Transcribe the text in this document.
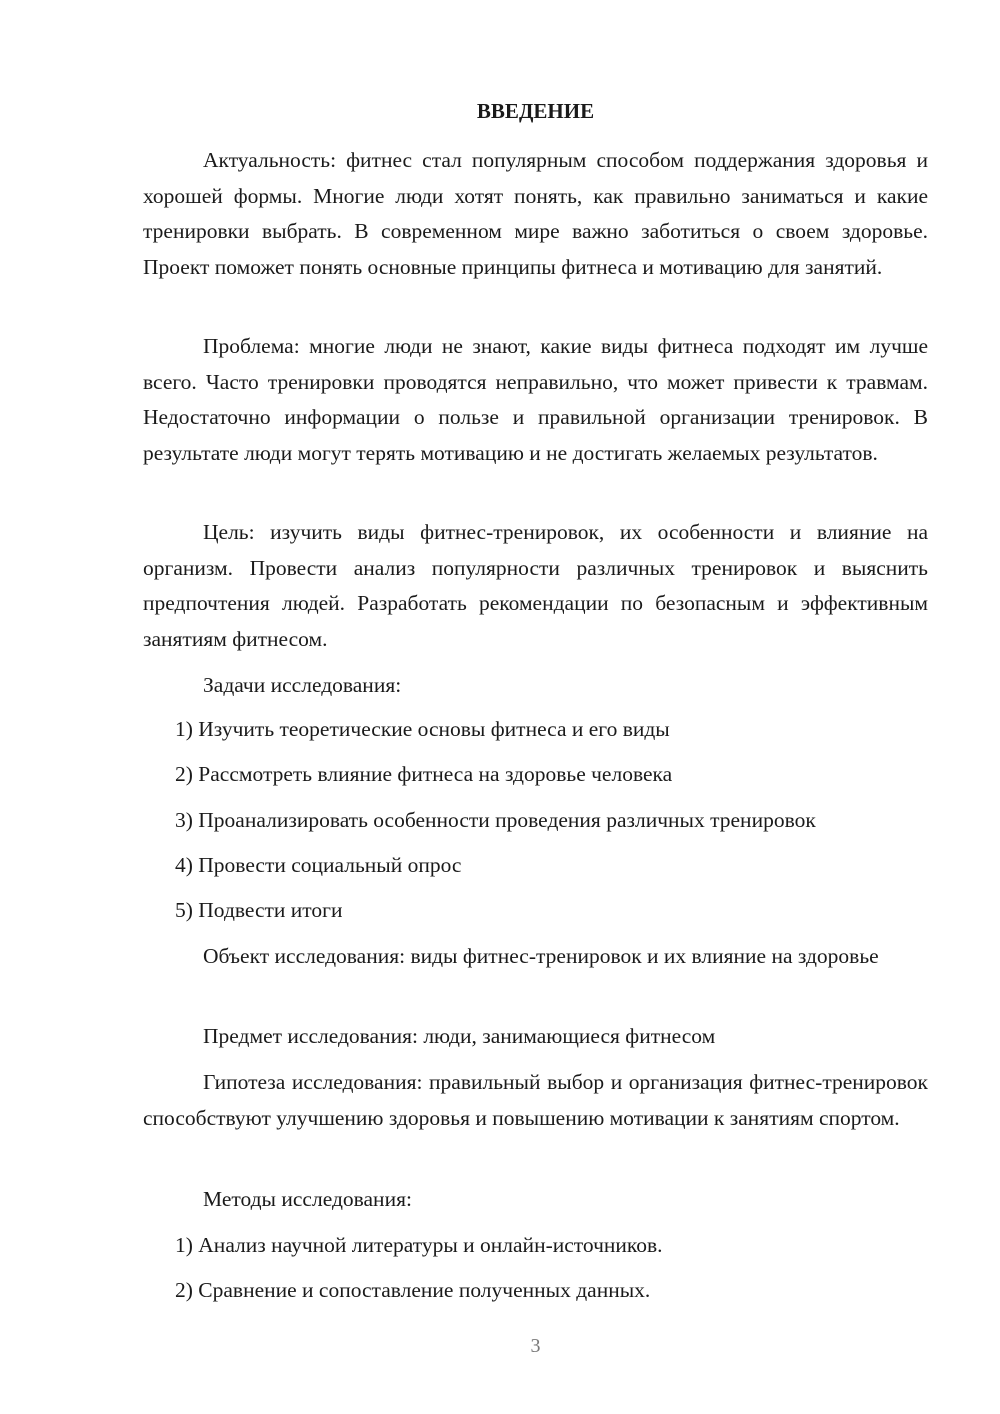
ВВЕДЕНИЕ
Актуальность: фитнес стал популярным способом поддержания здоровья и хорошей формы. Многие люди хотят понять, как правильно заниматься и какие тренировки выбрать. В современном мире важно заботиться о своем здоровье. Проект поможет понять основные принципы фитнеса и мотивацию для занятий.
Проблема: многие люди не знают, какие виды фитнеса подходят им лучше всего. Часто тренировки проводятся неправильно, что может привести к травмам. Недостаточно информации о пользе и правильной организации тренировок. В результате люди могут терять мотивацию и не достигать желаемых результатов.
Цель: изучить виды фитнес-тренировок, их особенности и влияние на организм. Провести анализ популярности различных тренировок и выяснить предпочтения людей. Разработать рекомендации по безопасным и эффективным занятиям фитнесом.
Задачи исследования:
1) Изучить теоретические основы фитнеса и его виды
2) Рассмотреть влияние фитнеса на здоровье человека
3) Проанализировать особенности проведения различных тренировок
4) Провести социальный опрос
5) Подвести итоги
Объект исследования: виды фитнес-тренировок и их влияние на здоровье
Предмет исследования: люди, занимающиеся фитнесом
Гипотеза исследования: правильный выбор и организация фитнес-тренировок способствуют улучшению здоровья и повышению мотивации к занятиям спортом.
Методы исследования:
1) Анализ научной литературы и онлайн-источников.
2) Сравнение и сопоставление полученных данных.
3
